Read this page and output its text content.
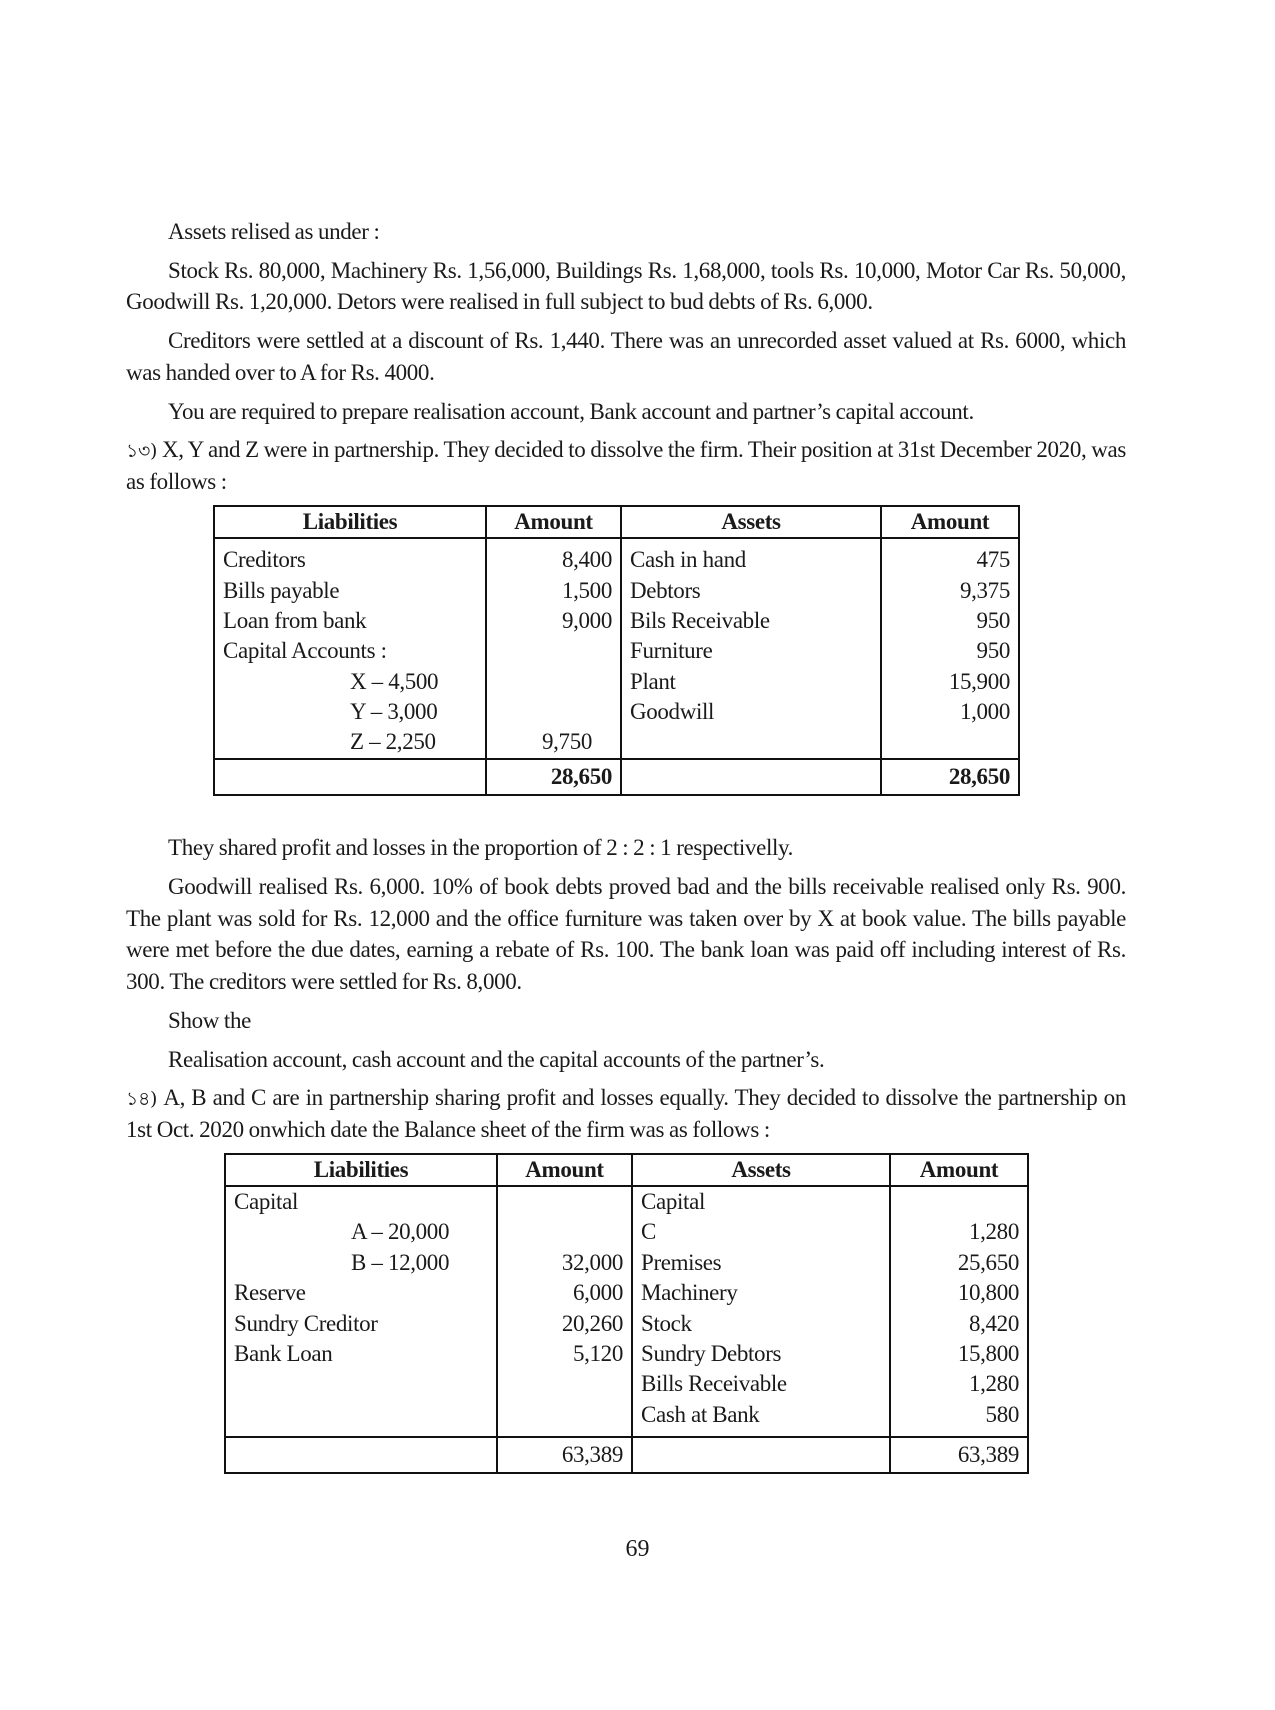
Assets relised as under :

Stock Rs. 80,000, Machinery Rs. 1,56,000, Buildings Rs. 1,68,000, tools Rs. 10,000, Motor Car Rs. 50,000, Goodwill Rs. 1,20,000. Detors were realised in full subject to bud debts of Rs. 6,000.

Creditors were settled at a discount of Rs. 1,440. There was an unrecorded asset valued at Rs. 6000, which was handed over to A for Rs. 4000.

You are required to prepare realisation account, Bank account and partner’s capital account.

১৩) X, Y and Z were in partnership. They decided to dissolve the firm. Their position at 31st December 2020, was as follows :

Liabilities	Amount	Assets	Amount

Creditors	8,400	Cash in hand	475
Bills payable	1,500	Debtors	9,375
Loan from bank	9,000	Bils Receivable	950
Capital Accounts :		Furniture	950
X – 4,500		Plant	15,900
Y – 3,000		Goodwill	1,000
Z – 2,250	9,750		
	28,650		28,650

They shared profit and losses in the proportion of 2 : 2 : 1 respectivelly.

Goodwill realised Rs. 6,000. 10% of book debts proved bad and the bills receivable realised only Rs. 900. The plant was sold for Rs. 12,000 and the office furniture was taken over by X at book value. The bills payable were met before the due dates, earning a rebate of Rs. 100. The bank loan was paid off including interest of Rs. 300. The creditors were settled for Rs. 8,000.

Show the

Realisation account, cash account and the capital accounts of the partner’s.

১৪) A, B and C are in partnership sharing profit and losses equally. They decided to dissolve the partnership on 1st Oct. 2020 onwhich date the Balance sheet of the firm was as follows :

Liabilities	Amount	Assets	Amount
Capital		Capital	
A – 20,000		C	1,280
B – 12,000	32,000	Premises	25,650
Reserve	6,000	Machinery	10,800
Sundry Creditor	20,260	Stock	8,420
Bank Loan	5,120	Sundry Debtors	15,800
		Bills Receivable	1,280
		Cash at Bank	580

	63,389		63,389
69
